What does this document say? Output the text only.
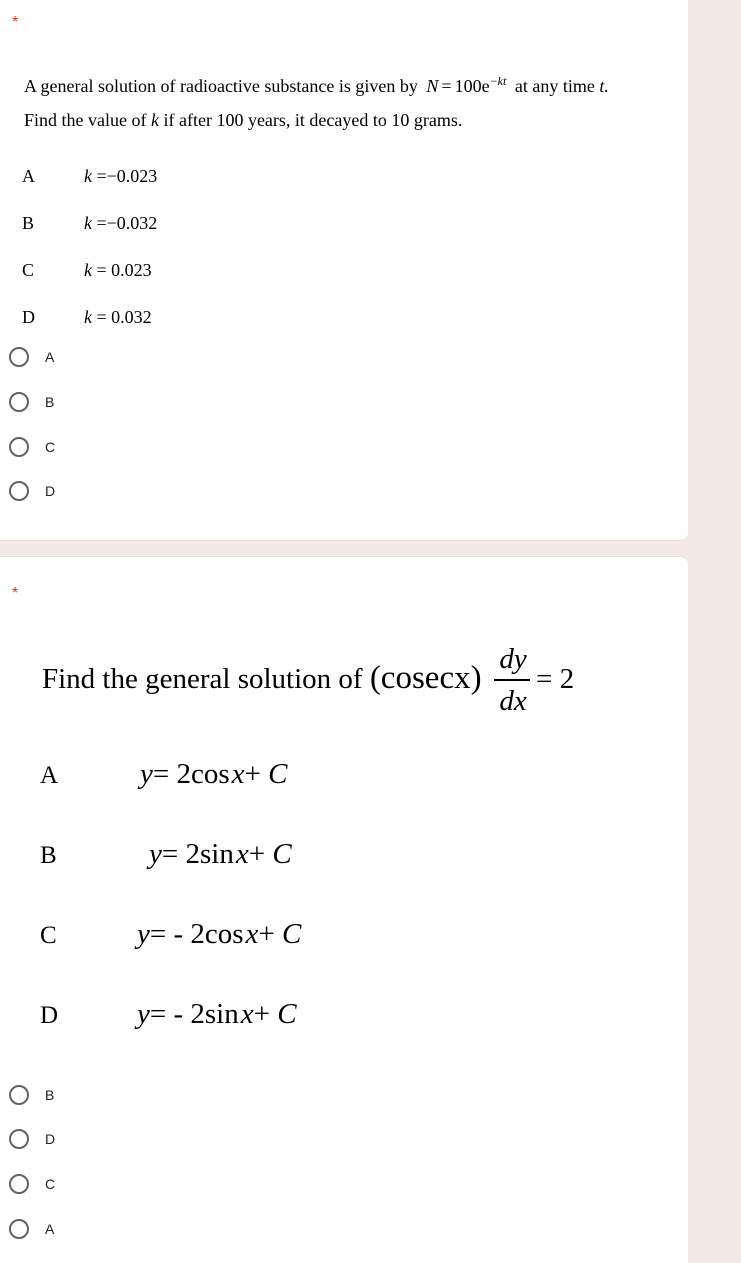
*
A general solution of radioactive substance is given by $N = 100e^{-kt}$ at any time t.
Find the value of k if after 100 years, it decayed to 10 grams.
A	k =−0.023
B	k =−0.032
C	k = 0.023
D	k = 0.032
A
B
C
D
*
Find the general solution of (cosecx)
dy
dx
= 2
A	y= 2cosx+ C
B	y= 2sinx+ C
C	y= - 2cosx+ C
D	y= - 2sinx+ C
B
D
C
A
